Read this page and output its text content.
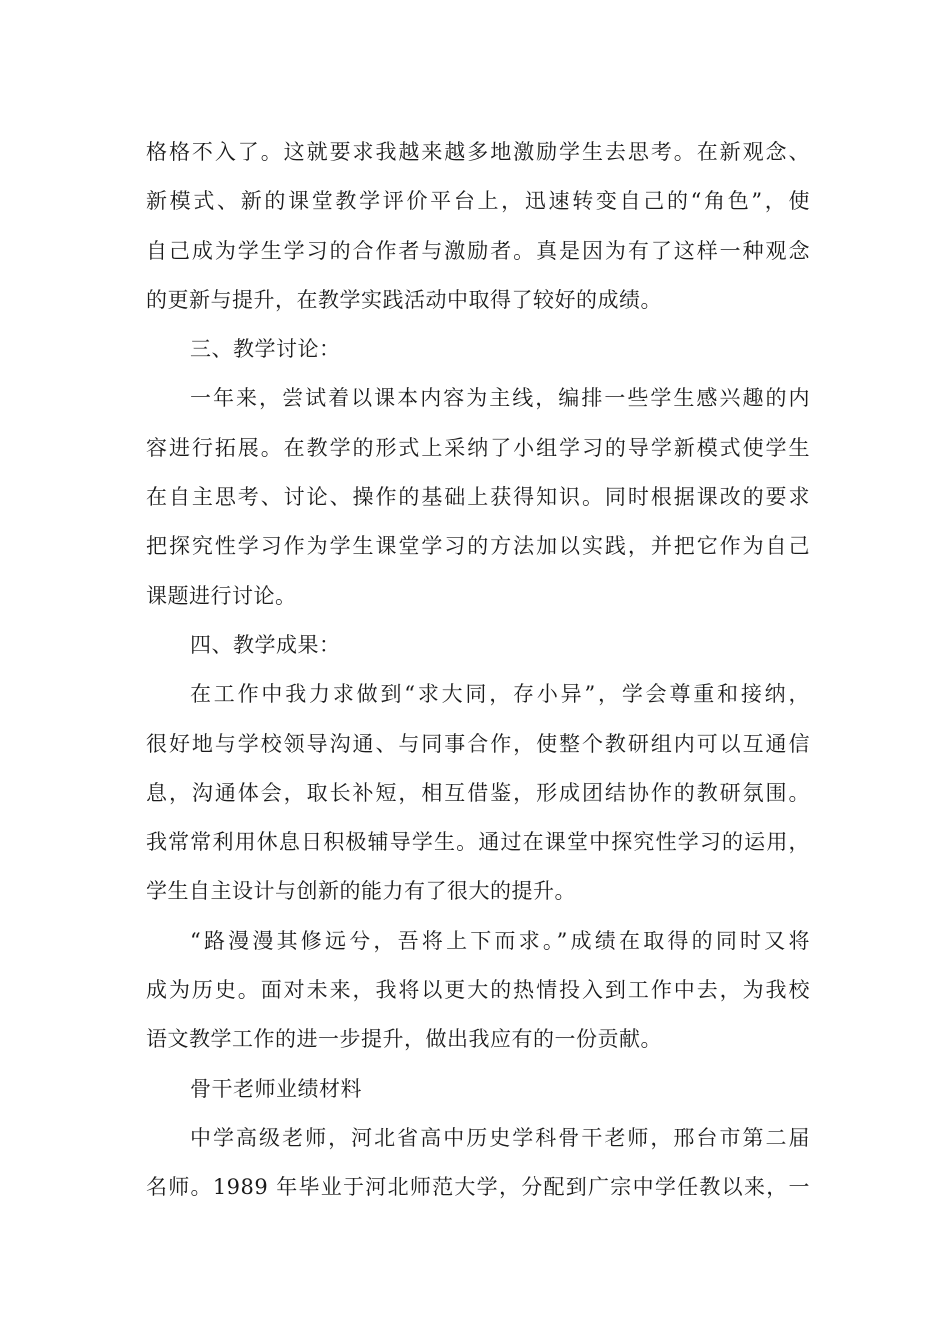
格格不入了。这就要求我越来越多地激励学生去思考。在新观念、
新模式、新的课堂教学评价平台上，迅速转变自己的“角色”，使
自己成为学生学习的合作者与激励者。真是因为有了这样一种观念
的更新与提升，在教学实践活动中取得了较好的成绩。
三、教学讨论：
一年来，尝试着以课本内容为主线，编排一些学生感兴趣的内
容进行拓展。在教学的形式上采纳了小组学习的导学新模式使学生
在自主思考、讨论、操作的基础上获得知识。同时根据课改的要求
把探究性学习作为学生课堂学习的方法加以实践，并把它作为自己
课题进行讨论。
四、教学成果：
在工作中我力求做到“求大同，存小异”，学会尊重和接纳，
很好地与学校领导沟通、与同事合作，使整个教研组内可以互通信
息，沟通体会，取长补短，相互借鉴，形成团结协作的教研氛围。
我常常利用休息日积极辅导学生。通过在课堂中探究性学习的运用，
学生自主设计与创新的能力有了很大的提升。
“路漫漫其修远兮，吾将上下而求。”成绩在取得的同时又将
成为历史。面对未来，我将以更大的热情投入到工作中去，为我校
语文教学工作的进一步提升，做出我应有的一份贡献。
骨干老师业绩材料
中学高级老师，河北省高中历史学科骨干老师，邢台市第二届
名师。1989 年毕业于河北师范大学，分配到广宗中学任教以来，一
